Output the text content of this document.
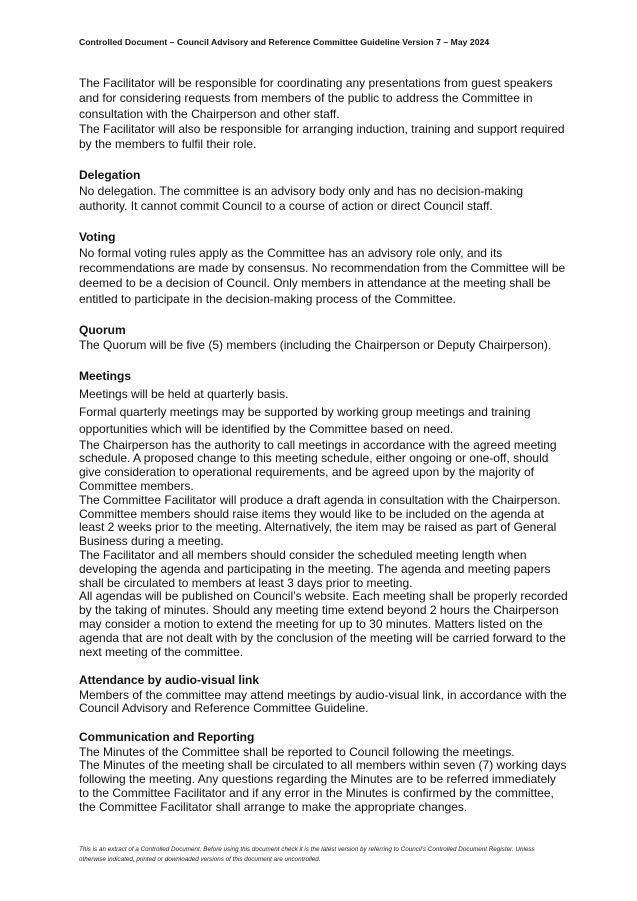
Controlled Document – Council Advisory and Reference Committee Guideline Version 7 – May 2024

The Facilitator will be responsible for coordinating any presentations from guest speakers and for considering requests from members of the public to address the Committee in consultation with the Chairperson and other staff.

The Facilitator will also be responsible for arranging induction, training and support required by the members to fulfil their role.

Delegation

No delegation. The committee is an advisory body only and has no decision-making authority. It cannot commit Council to a course of action or direct Council staff.

Voting

No formal voting rules apply as the Committee has an advisory role only, and its recommendations are made by consensus. No recommendation from the Committee will be deemed to be a decision of Council. Only members in attendance at the meeting shall be entitled to participate in the decision-making process of the Committee.

Quorum

The Quorum will be five (5) members (including the Chairperson or Deputy Chairperson).

Meetings

Meetings will be held at quarterly basis.

Formal quarterly meetings may be supported by working group meetings and training opportunities which will be identified by the Committee based on need.

The Chairperson has the authority to call meetings in accordance with the agreed meeting schedule. A proposed change to this meeting schedule, either ongoing or one-off, should give consideration to operational requirements, and be agreed upon by the majority of Committee members.

The Committee Facilitator will produce a draft agenda in consultation with the Chairperson. Committee members should raise items they would like to be included on the agenda at least 2 weeks prior to the meeting. Alternatively, the item may be raised as part of General Business during a meeting.

The Facilitator and all members should consider the scheduled meeting length when developing the agenda and participating in the meeting. The agenda and meeting papers shall be circulated to members at least 3 days prior to meeting.

All agendas will be published on Council’s website. Each meeting shall be properly recorded by the taking of minutes. Should any meeting time extend beyond 2 hours the Chairperson may consider a motion to extend the meeting for up to 30 minutes. Matters listed on the agenda that are not dealt with by the conclusion of the meeting will be carried forward to the next meeting of the committee.

Attendance by audio-visual link

Members of the committee may attend meetings by audio-visual link, in accordance with the Council Advisory and Reference Committee Guideline.

Communication and Reporting

The Minutes of the Committee shall be reported to Council following the meetings.

The Minutes of the meeting shall be circulated to all members within seven (7) working days following the meeting. Any questions regarding the Minutes are to be referred immediately to the Committee Facilitator and if any error in the Minutes is confirmed by the committee, the Committee Facilitator shall arrange to make the appropriate changes.

This is an extract of a Controlled Document. Before using this document check it is the latest version by referring to Council’s Controlled Document Register. Unless otherwise indicated, printed or downloaded versions of this document are uncontrolled.
